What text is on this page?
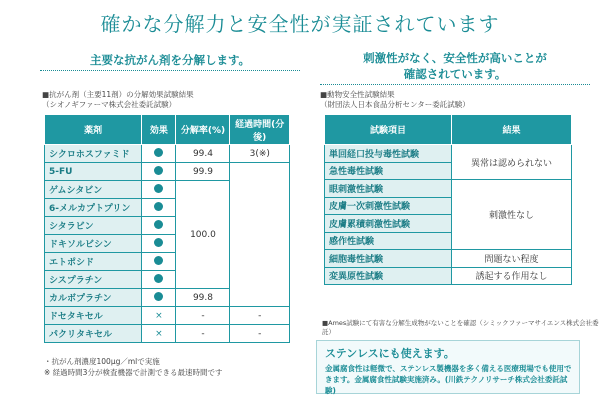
確かな分解力と安全性が実証されています
主要な抗がん剤を分解します。	刺激性がなく、安全性が高いことが
確認されています。
■抗がん剤（主要11剤）の分解効果試験結果
（シオノギファーマ株式会社委託試験）
■動物安全性試験結果
（財団法人日本食品分析センター委託試験）
薬剤	効果	分解率(%)	経過時間(分後)
シクロホスファミド		99.4	3(※)
5-FU		99.9	
ゲムシタビン		100.0	
6-メルカプトプリン			
シタラビン			
ドキソルビシン			
エトポシド			
シスプラチン			
カルボプラチン		99.8	
ドセタキセル	×	-	-
パクリタキセル	×	-	-
試験項目	結果
単回経口投与毒性試験	異常は認められない
急性毒性試験	
眼刺激性試験	刺激性なし
皮膚一次刺激性試験	
皮膚累積刺激性試験	
感作性試験	
細胞毒性試験	問題ない程度
変異原性試験	誘起する作用なし
・抗がん剤濃度100μg／mlで実施
※ 経過時間3分が検査機器で計測できる最速時間です
■Ames試験にて有害な分解生成物がないことを確認（シミックファーマサイエンス株式会社委託）
ステンレスにも使えます。
金属腐食性は軽微で、ステンレス製機器を多く備える医療現場でも使用できます。金属腐食性試験実施済み。(川鉄テクノリサーチ株式会社委託試験)
